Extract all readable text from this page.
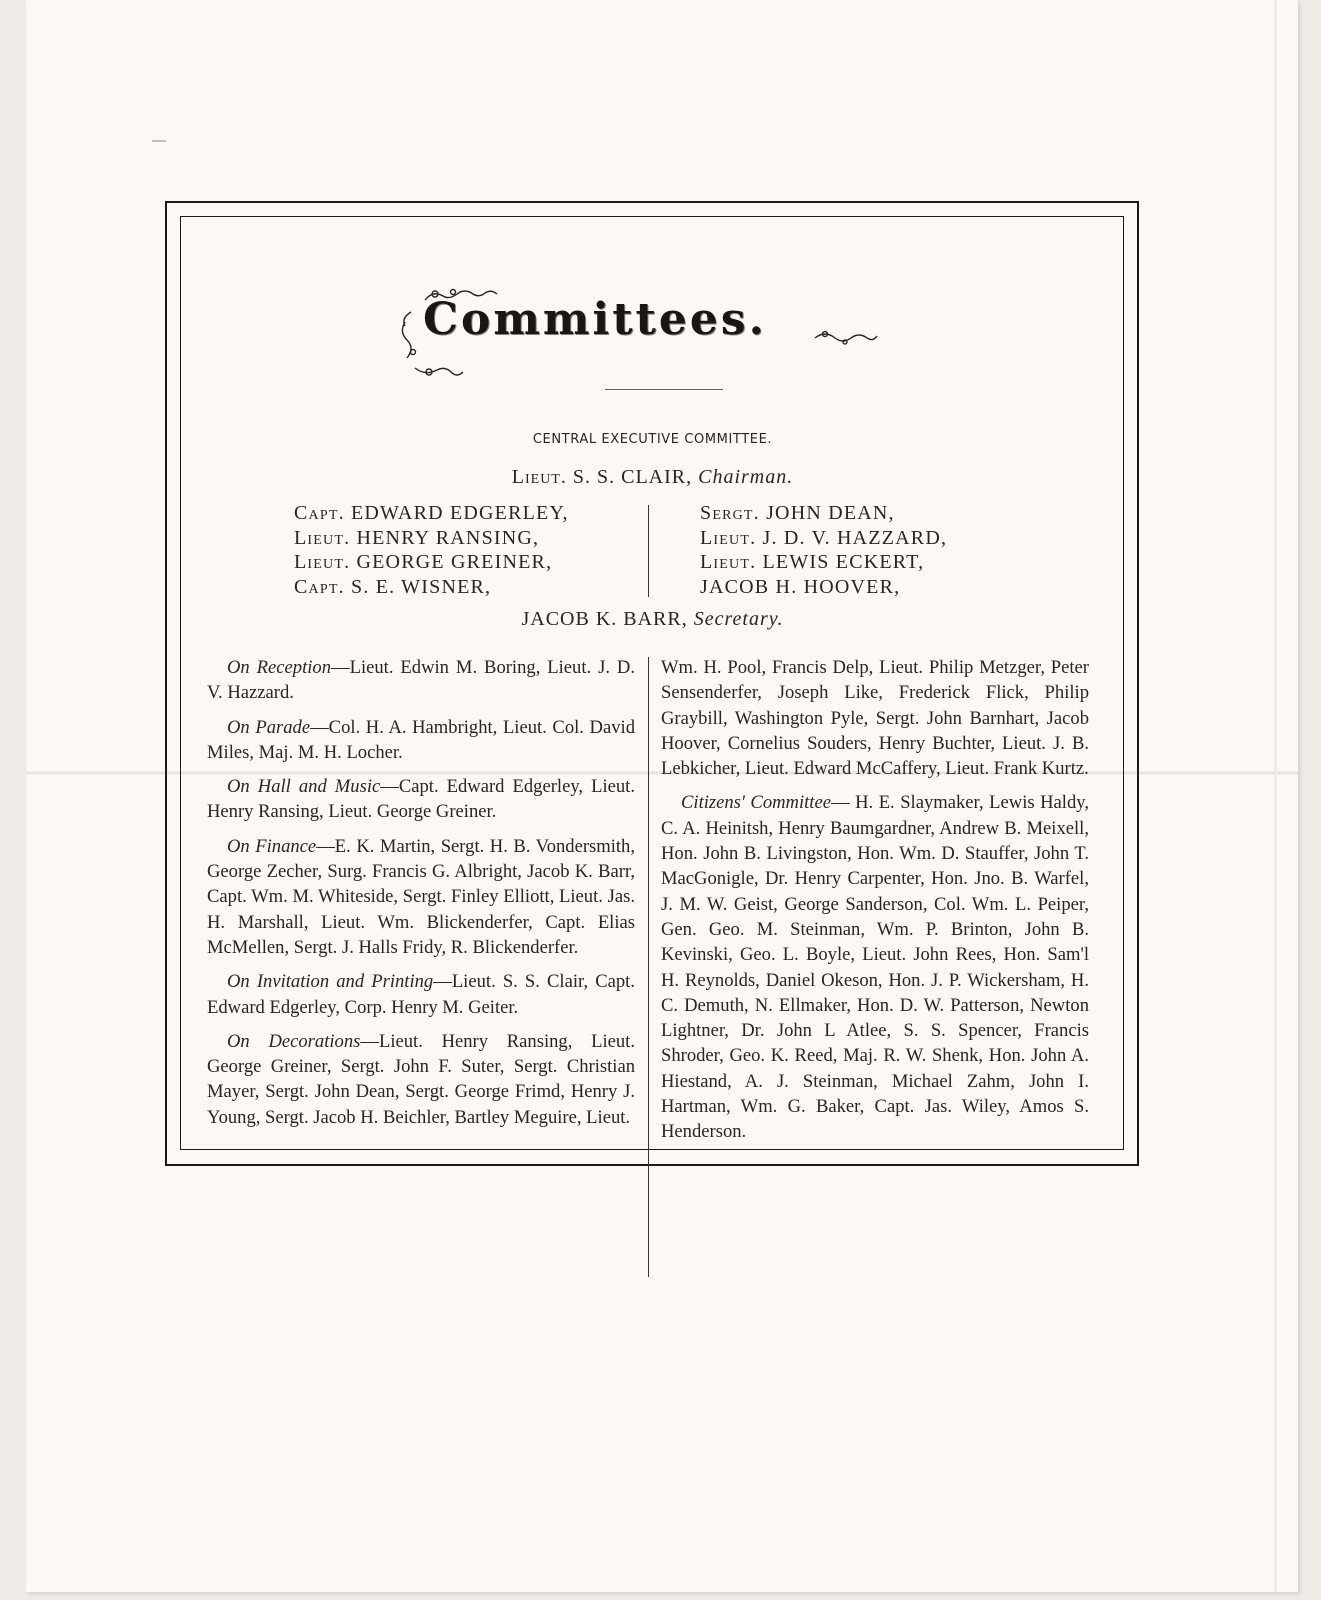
Committees.
CENTRAL EXECUTIVE COMMITTEE.
Lieut. S. S. CLAIR, Chairman.
Capt. EDWARD EDGERLEY,
Lieut. HENRY RANSING,
Lieut. GEORGE GREINER,
Capt. S. E. WISNER,
Sergt. JOHN DEAN,
Lieut. J. D. V. HAZZARD,
Lieut. LEWIS ECKERT,
JACOB H. HOOVER,
JACOB K. BARR, Secretary.

On Reception—Lieut. Edwin M. Boring, Lieut. J. D. V. Hazzard.

On Parade—Col. H. A. Hambright, Lieut. Col. David Miles, Maj. M. H. Locher.

On Hall and Music—Capt. Edward Edgerley, Lieut. Henry Ransing, Lieut. George Greiner.

On Finance—E. K. Martin, Sergt. H. B. Vondersmith, George Zecher, Surg. Francis G. Albright, Jacob K. Barr, Capt. Wm. M. Whiteside, Sergt. Finley Elliott, Lieut. Jas. H. Marshall, Lieut. Wm. Blickenderfer, Capt. Elias McMellen, Sergt. J. Halls Fridy, R. Blickenderfer.

On Invitation and Printing—Lieut. S. S. Clair, Capt. Edward Edgerley, Corp. Henry M. Geiter.

On Decorations—Lieut. Henry Ransing, Lieut. George Greiner, Sergt. John F. Suter, Sergt. Christian Mayer, Sergt. John Dean, Sergt. George Frimd, Henry J. Young, Sergt. Jacob H. Beichler, Bartley Meguire, Lieut.

Wm. H. Pool, Francis Delp, Lieut. Philip Metzger, Peter Sensenderfer, Joseph Like, Frederick Flick, Philip Graybill, Washington Pyle, Sergt. John Barnhart, Jacob Hoover, Cornelius Souders, Henry Buchter, Lieut. J. B. Lebkicher, Lieut. Edward McCaffery, Lieut. Frank Kurtz.

Citizens' Committee— H. E. Slaymaker, Lewis Haldy, C. A. Heinitsh, Henry Baumgardner, Andrew B. Meixell, Hon. John B. Livingston, Hon. Wm. D. Stauffer, John T. MacGonigle, Dr. Henry Carpenter, Hon. Jno. B. Warfel, J. M. W. Geist, George Sanderson, Col. Wm. L. Peiper, Gen. Geo. M. Steinman, Wm. P. Brinton, John B. Kevinski, Geo. L. Boyle, Lieut. John Rees, Hon. Sam'l H. Reynolds, Daniel Okeson, Hon. J. P. Wickersham, H. C. Demuth, N. Ellmaker, Hon. D. W. Patterson, Newton Lightner, Dr. John L Atlee, S. S. Spencer, Francis Shroder, Geo. K. Reed, Maj. R. W. Shenk, Hon. John A. Hiestand, A. J. Steinman, Michael Zahm, John I. Hartman, Wm. G. Baker, Capt. Jas. Wiley, Amos S. Henderson.
